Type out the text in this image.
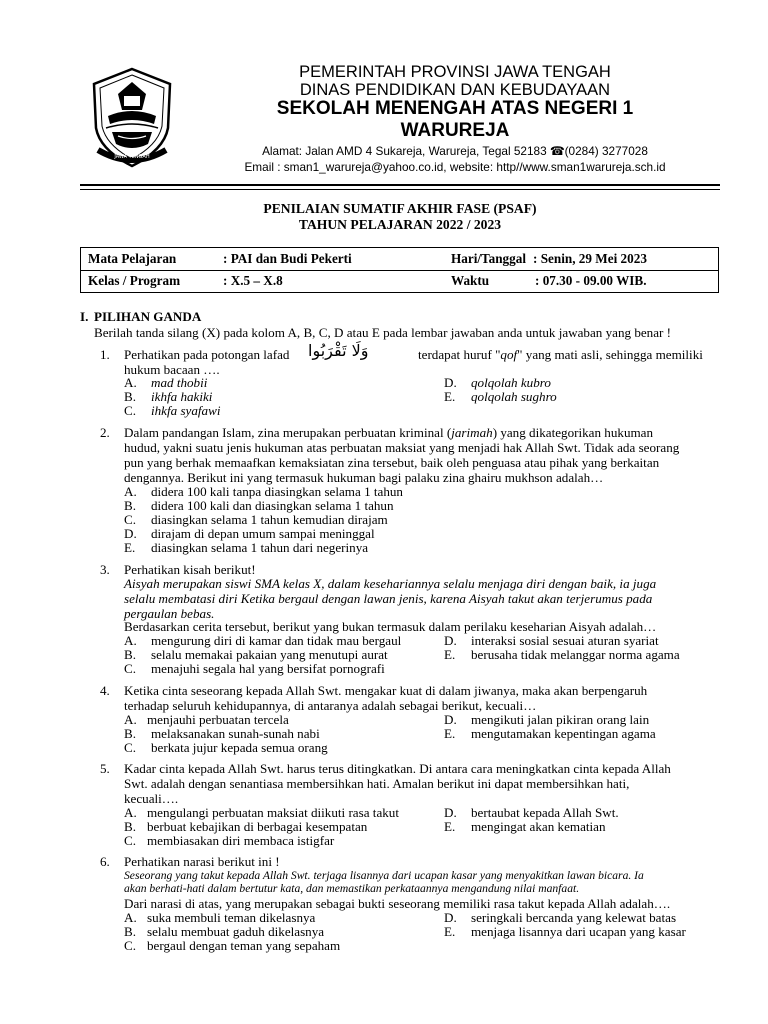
JAWA TENGAH
PEMERINTAH PROVINSI JAWA TENGAH
DINAS PENDIDIKAN DAN KEBUDAYAAN
SEKOLAH MENENGAH ATAS NEGERI 1
WARUREJA
Alamat: Jalan AMD 4 Sukareja, Warureja, Tegal 52183 ☎(0284) 3277028
Email : sman1_warureja@yahoo.co.id, website: http//www.sman1warureja.sch.id
PENILAIAN SUMATIF AKHIR FASE (PSAF)
TAHUN PELAJARAN 2022 / 2023
Mata Pelajaran	: PAI dan Budi Pekerti	Hari/Tanggal : Senin, 29 Mei 2023
Kelas / Program	: X.5 – X.8	Waktu	: 07.30 - 09.00 WIB.
I. PILIHAN GANDA
Berilah tanda silang (X) pada kolom A, B, C, D atau E pada lembar jawaban anda untuk jawaban yang benar !
1. Perhatikan pada potongan lafad وَلَا تَقْرَبُوا	terdapat huruf "qof" yang mati asli, sehingga memiliki
hukum bacaan ….
A. mad thobii
B. ikhfa hakiki
C. ihkfa syafawi
D. qolqolah kubro
E. qolqolah sughro
2. Dalam pandangan Islam, zina merupakan perbuatan kriminal (jarimah) yang dikategorikan hukuman
hudud, yakni suatu jenis hukuman atas perbuatan maksiat yang menjadi hak Allah Swt. Tidak ada seorang
pun yang berhak memaafkan kemaksiatan zina tersebut, baik oleh penguasa atau pihak yang berkaitan
dengannya. Berikut ini yang termasuk hukuman bagi palaku zina ghairu mukhson adalah…
A. didera 100 kali tanpa diasingkan selama 1 tahun
B. didera 100 kali dan diasingkan selama 1 tahun
C. diasingkan selama 1 tahun kemudian dirajam
D. dirajam di depan umum sampai meninggal
E. diasingkan selama 1 tahun dari negerinya
3. Perhatikan kisah berikut!
Aisyah merupakan siswi SMA kelas X, dalam kesehariannya selalu menjaga diri dengan baik, ia juga
selalu membatasi diri Ketika bergaul dengan lawan jenis, karena Aisyah takut akan terjerumus pada
pergaulan bebas.
Berdasarkan cerita tersebut, berikut yang bukan termasuk dalam perilaku keseharian Aisyah adalah…
A. mengurung diri di kamar dan tidak mau bergaul
B. selalu memakai pakaian yang menutupi aurat
C. menajuhi segala hal yang bersifat pornografi
D. interaksi sosial sesuai aturan syariat
E. berusaha tidak melanggar norma agama
4. Ketika cinta seseorang kepada Allah Swt. mengakar kuat di dalam jiwanya, maka akan berpengaruh
terhadap seluruh kehidupannya, di antaranya adalah sebagai berikut, kecuali…
A. menjauhi perbuatan tercela
B. melaksanakan sunah-sunah nabi
C. berkata jujur kepada semua orang
D. mengikuti jalan pikiran orang lain
E. mengutamakan kepentingan agama
5. Kadar cinta kepada Allah Swt. harus terus ditingkatkan. Di antara cara meningkatkan cinta kepada Allah
Swt. adalah dengan senantiasa membersihkan hati. Amalan berikut ini dapat membersihkan hati,
kecuali….
A. mengulangi perbuatan maksiat diikuti rasa takut
B. berbuat kebajikan di berbagai kesempatan
C. membiasakan diri membaca istigfar
D. bertaubat kepada Allah Swt.
E. mengingat akan kematian
6. Perhatikan narasi berikut ini !
Seseorang yang takut kepada Allah Swt. terjaga lisannya dari ucapan kasar yang menyakitkan lawan bicara. Ia
akan berhati-hati dalam bertutur kata, dan memastikan perkataannya mengandung nilai manfaat.
Dari narasi di atas, yang merupakan sebagai bukti seseorang memiliki rasa takut kepada Allah adalah….
A. suka membuli teman dikelasnya
B. selalu membuat gaduh dikelasnya
C. bergaul dengan teman yang sepaham
D. seringkali bercanda yang kelewat batas
E. menjaga lisannya dari ucapan yang kasar
